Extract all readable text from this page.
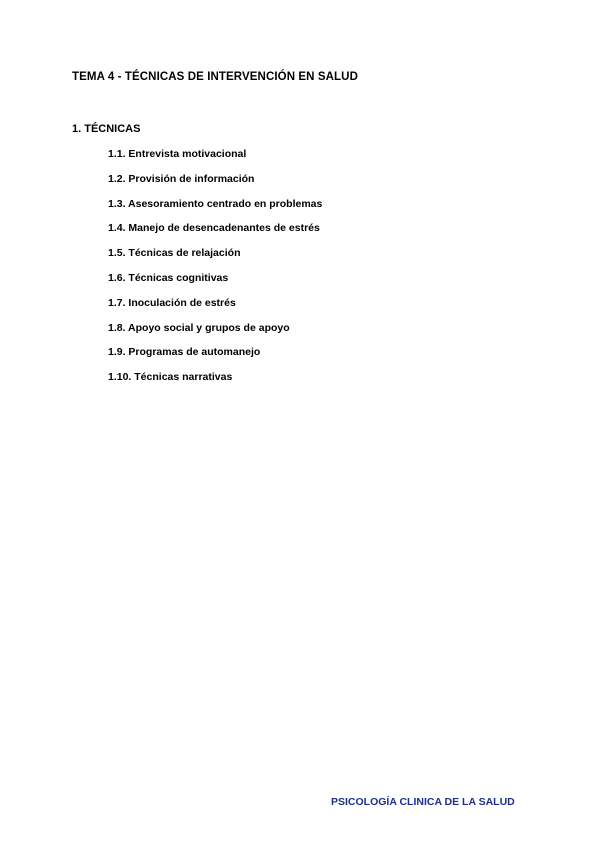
TEMA 4 - TÉCNICAS DE INTERVENCIÓN EN SALUD
1. TÉCNICAS
1.1. Entrevista motivacional
1.2. Provisión de información
1.3. Asesoramiento centrado en problemas
1.4. Manejo de desencadenantes de estrés
1.5. Técnicas de relajación
1.6. Técnicas cognitivas
1.7. Inoculación de estrés
1.8. Apoyo social y grupos de apoyo
1.9. Programas de automanejo
1.10. Técnicas narrativas
PSICOLOGÍA CLINICA DE LA SALUD
